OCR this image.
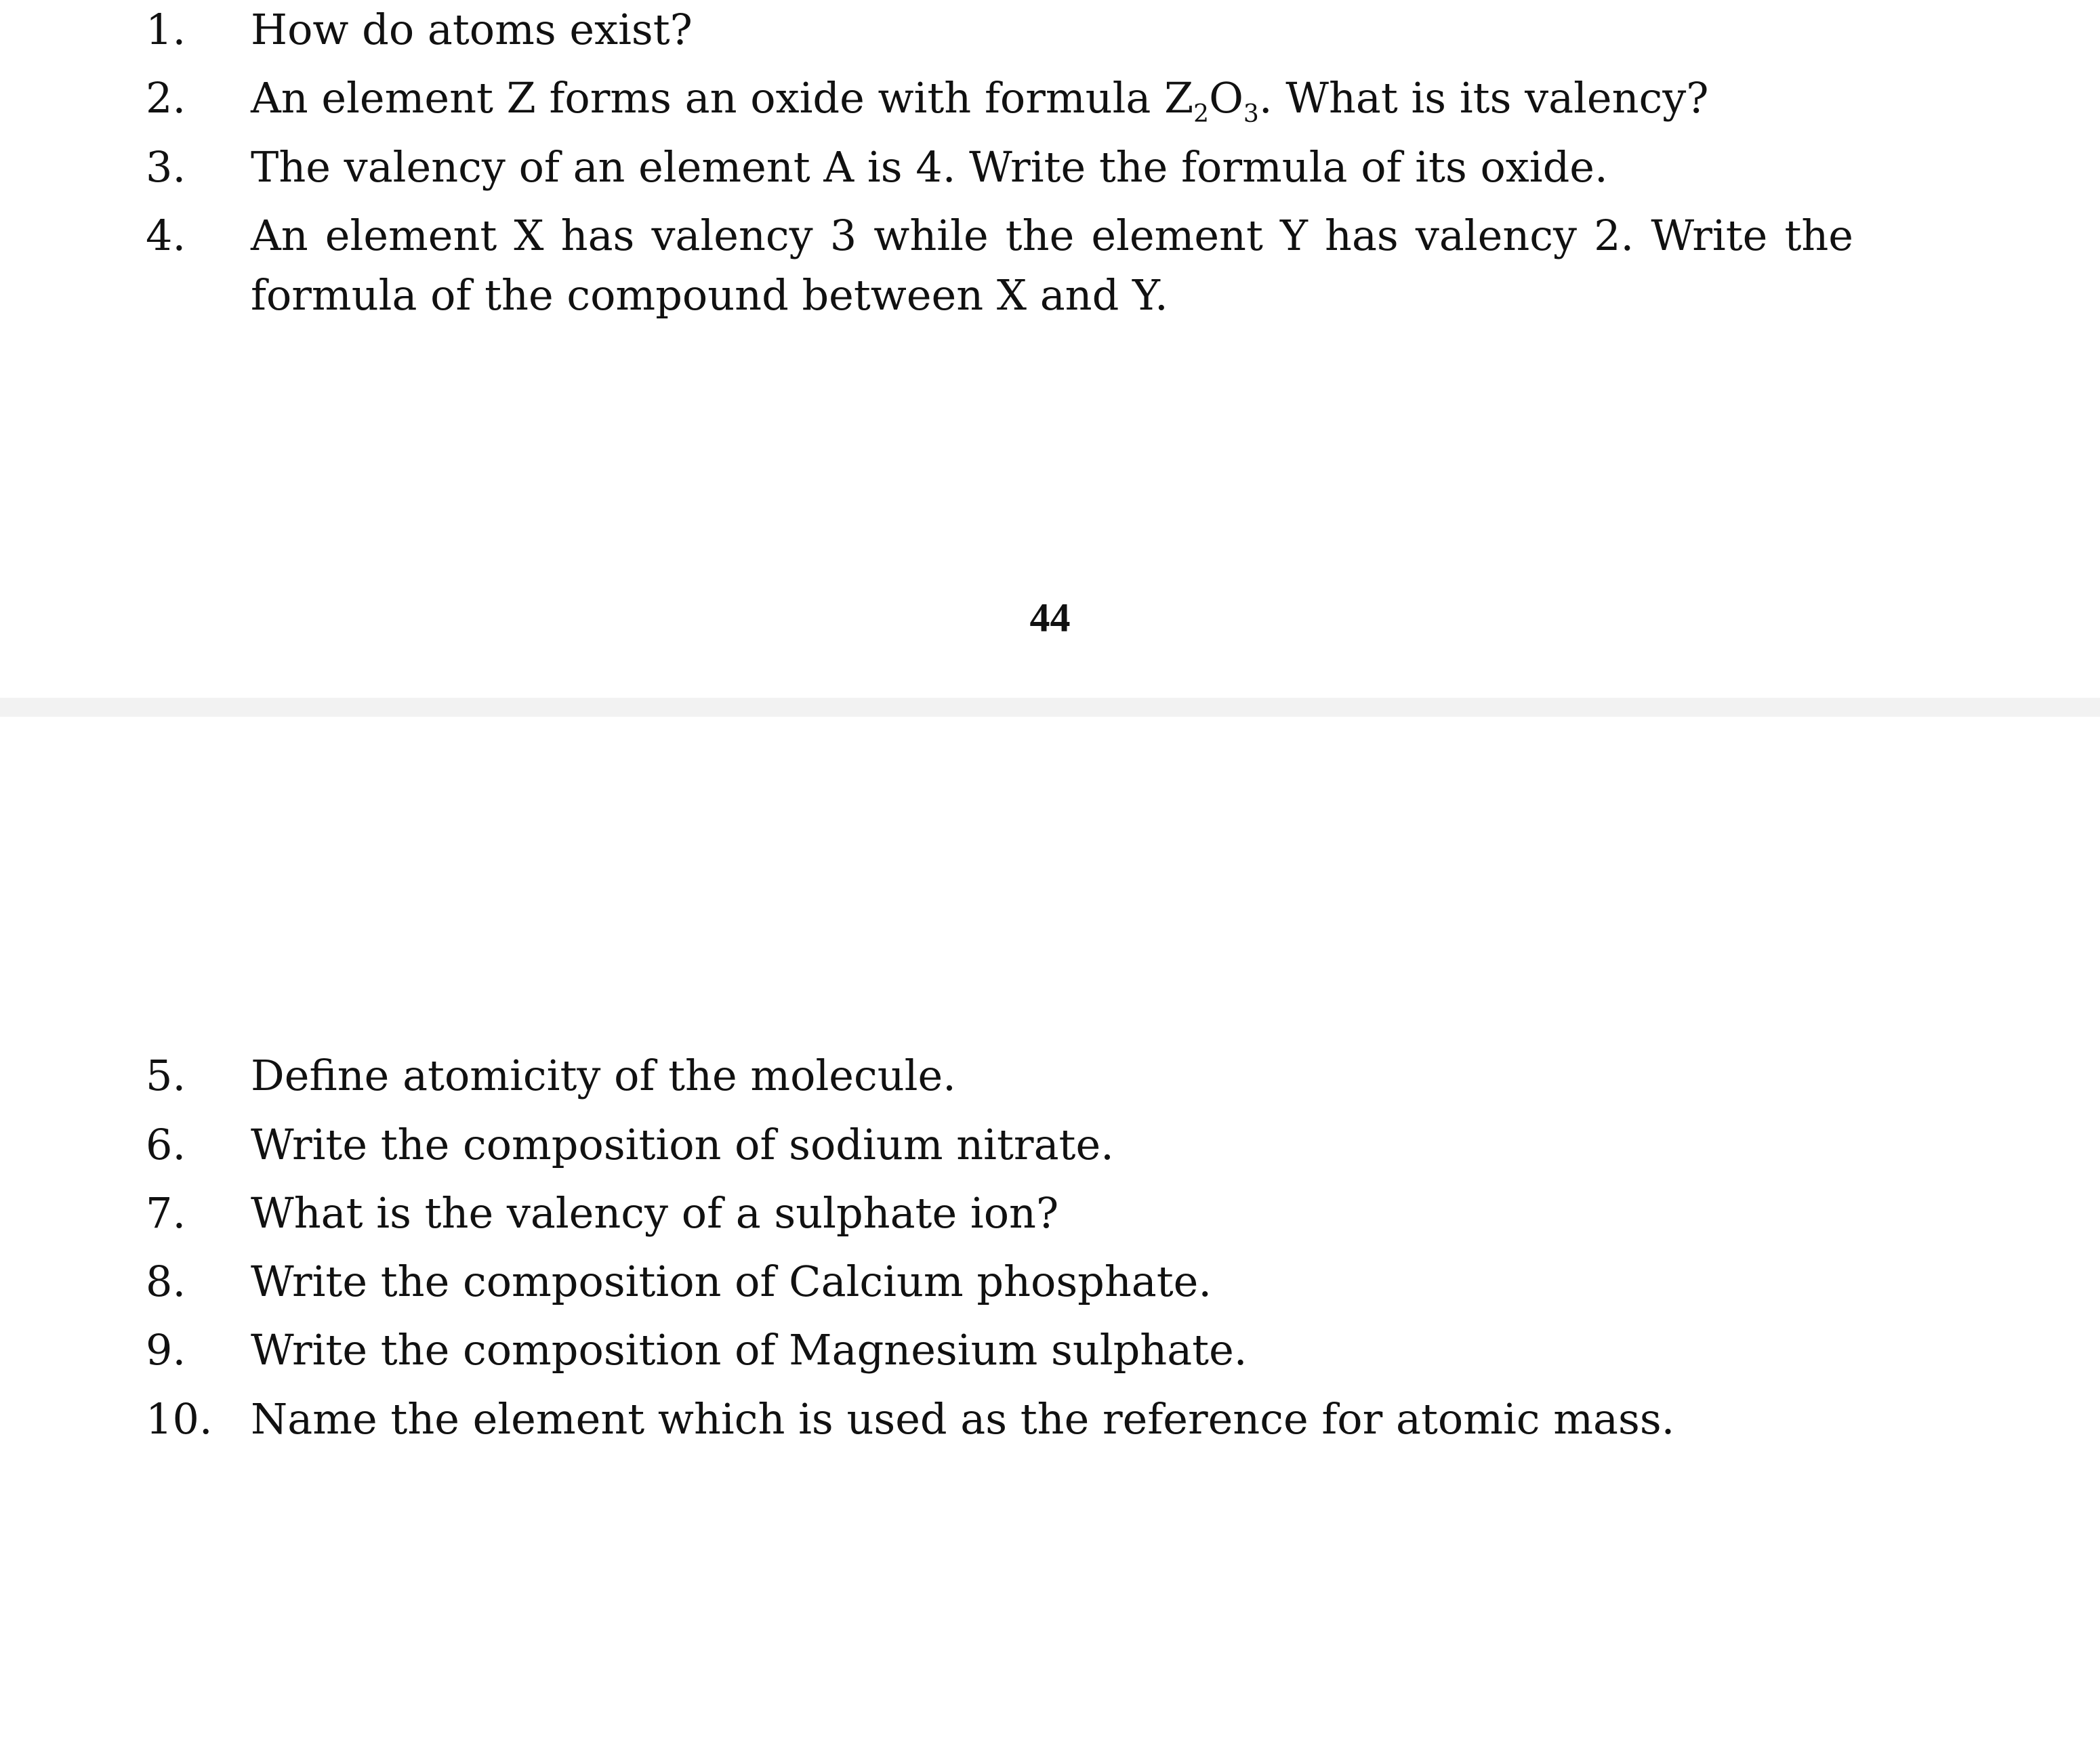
1. How do atoms exist?
2. An element Z forms an oxide with formula $Z_2O_3$. What is its valency?
3. The valency of an element A is 4. Write the formula of its oxide.
4. An element X has valency 3 while the element Y has valency 2. Write the
formula of the compound between X and Y.
44
5. Define atomicity of the molecule.
6. Write the composition of sodium nitrate.
7. What is the valency of a sulphate ion?
8. Write the composition of Calcium phosphate.
9. Write the composition of Magnesium sulphate.
10. Name the element which is used as the reference for atomic mass.
